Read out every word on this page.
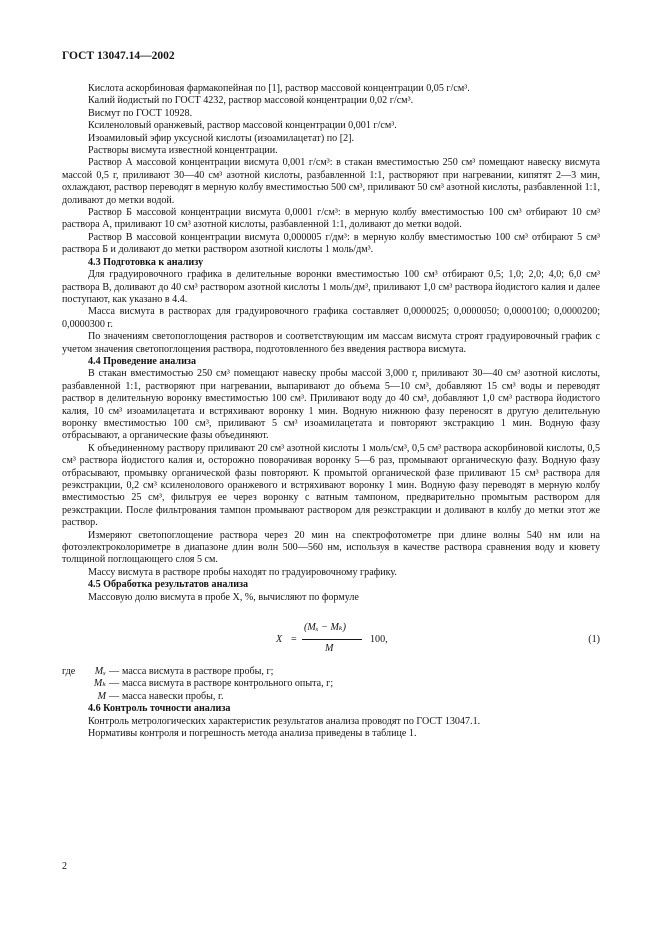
ГОСТ 13047.14—2002

Кислота аскорбиновая фармакопейная по [1], раствор массовой концентрации 0,05 г/см³.

Калий йодистый по ГОСТ 4232, раствор массовой концентрации 0,02 г/см³.

Висмут по ГОСТ 10928.

Ксиленоловый оранжевый, раствор массовой концентрации 0,001 г/см³.

Изоамиловый эфир уксусной кислоты (изоамилацетат) по [2].

Растворы висмута известной концентрации.

Раствор А массовой концентрации висмута 0,001 г/см³: в стакан вместимостью 250 см³ помещают навеску висмута массой 0,5 г, приливают 30—40 см³ азотной кислоты, разбавленной 1:1, растворяют при нагревании, кипятят 2—3 мин, охлаждают, раствор переводят в мерную колбу вместимостью 500 см³, приливают 50 см³ азотной кислоты, разбавленной 1:1, доливают до метки водой.

Раствор Б массовой концентрации висмута 0,0001 г/см³: в мерную колбу вместимостью 100 см³ отбирают 10 см³ раствора А, приливают 10 см³ азотной кислоты, разбавленной 1:1, доливают до метки водой.

Раствор В массовой концентрации висмута 0,000005 г/дм³: в мерную колбу вместимостью 100 см³ отбирают 5 см³ раствора Б и доливают до метки раствором азотной кислоты 1 моль/дм³.

4.3 Подготовка к анализу

Для градуировочного графика в делительные воронки вместимостью 100 см³ отбирают 0,5; 1,0; 2,0; 4,0; 6,0 см³ раствора В, доливают до 40 см³ раствором азотной кислоты 1 моль/дм³, приливают 1,0 см³ раствора йодистого калия и далее поступают, как указано в 4.4.

Масса висмута в растворах для градуировочного графика составляет 0,0000025; 0,0000050; 0,0000100; 0,0000200; 0,0000300 г.

По значениям светопоглощения растворов и соответствующим им массам висмута строят градуировочный график с учетом значения светопоглощения раствора, подготовленного без введения раствора висмута.

4.4 Проведение анализа

В стакан вместимостью 250 см³ помещают навеску пробы массой 3,000 г, приливают 30—40 см³ азотной кислоты, разбавленной 1:1, растворяют при нагревании, выпаривают до объема 5—10 см³, добавляют 15 см³ воды и переводят раствор в делительную воронку вместимостью 100 см³. Приливают воду до 40 см³, добавляют 1,0 см³ раствора йодистого калия, 10 см³ изоамилацетата и встряхивают воронку 1 мин. Водную нижнюю фазу переносят в другую делительную воронку вместимостью 100 см³, приливают 5 см³ изоамилацетата и повторяют экстракцию 1 мин. Водную фазу отбрасывают, а органические фазы объединяют.

К объединенному раствору приливают 20 см³ азотной кислоты 1 моль/см³, 0,5 см³ раствора аскорбиновой кислоты, 0,5 см³ раствора йодистого калия и, осторожно поворачивая воронку 5—6 раз, промывают органическую фазу. Водную фазу отбрасывают, промывку органической фазы повторяют. К промытой органической фазе приливают 15 см³ раствора для реэкстракции, 0,2 см³ ксиленолового оранжевого и встряхивают воронку 1 мин. Водную фазу переводят в мерную колбу вместимостью 25 см³, фильтруя ее через воронку с ватным тампоном, предварительно промытым раствором для реэкстракции. После фильтрования тампон промывают раствором для реэкстракции и доливают в колбу до метки этот же раствор.

Измеряют светопоглощение раствора через 20 мин на спектрофотометре при длине волны 540 нм или на фотоэлектроколориметре в диапазоне длин волн 500—560 нм, используя в качестве раствора сравнения воду и кювету толщиной поглощающего слоя 5 см.

Массу висмута в растворе пробы находят по градуировочному графику.

4.5 Обработка результатов анализа

Массовую долю висмута в пробе X, %, вычисляют по формуле

X =
(Mₓ − Mₖ)
M
100,	(1)
где	Mₓ — масса висмута в растворе пробы, г;
Mₖ — масса висмута в растворе контрольного опыта, г;
M — масса навески пробы, г.

4.6 Контроль точности анализа

Контроль метрологических характеристик результатов анализа проводят по ГОСТ 13047.1.

Нормативы контроля и погрешность метода анализа приведены в таблице 1.

2
